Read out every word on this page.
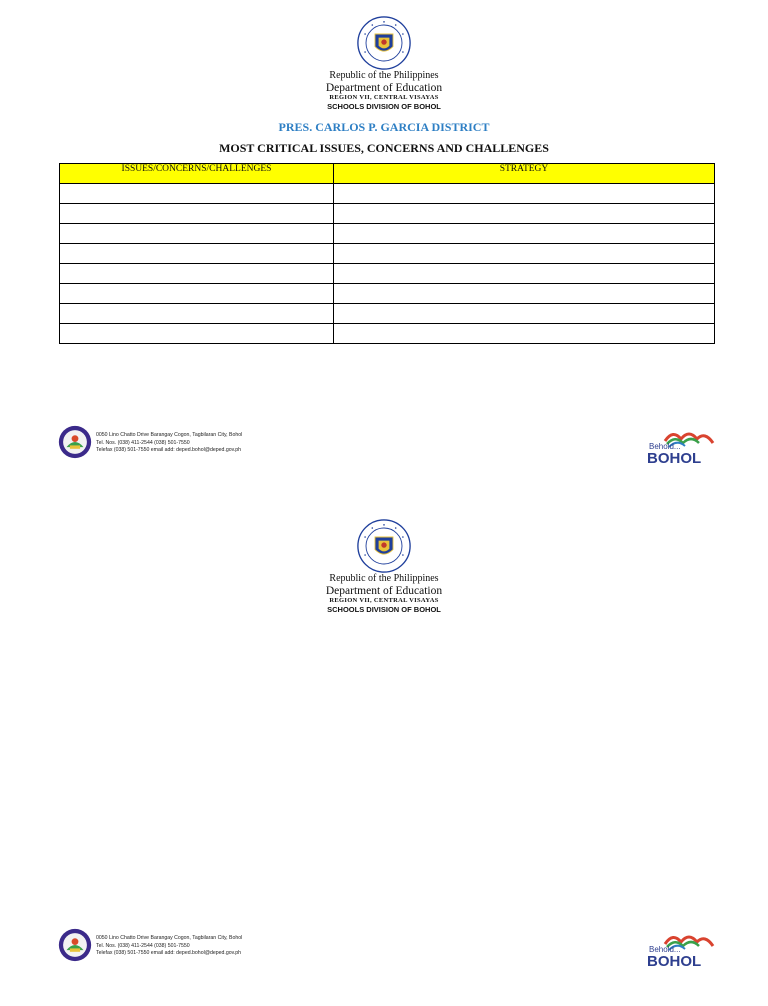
Republic of the Philippines
Department of Education
REGION VII, CENTRAL VISAYAS
SCHOOLS DIVISION OF BOHOL
PRES. CARLOS P. GARCIA DISTRICT
MOST CRITICAL ISSUES, CONCERNS AND CHALLENGES
ISSUES/CONCERNS/CHALLENGES	STRATEGY

0050 Lino Chatto Drive Barangay Cogon, Tagbilaran City, Bohol
Tel. Nos. (038) 411-2544 (038) 501-7550
Telefax (038) 501-7550 email add: deped.bohol@deped.gov.ph	Behold...
BOHOL
Republic of the Philippines
Department of Education
REGION VII, CENTRAL VISAYAS
SCHOOLS DIVISION OF BOHOL
0050 Lino Chatto Drive Barangay Cogon, Tagbilaran City, Bohol
Tel. Nos. (038) 411-2544 (038) 501-7550
Telefax (038) 501-7550 email add: deped.bohol@deped.gov.ph	Behold...
BOHOL
